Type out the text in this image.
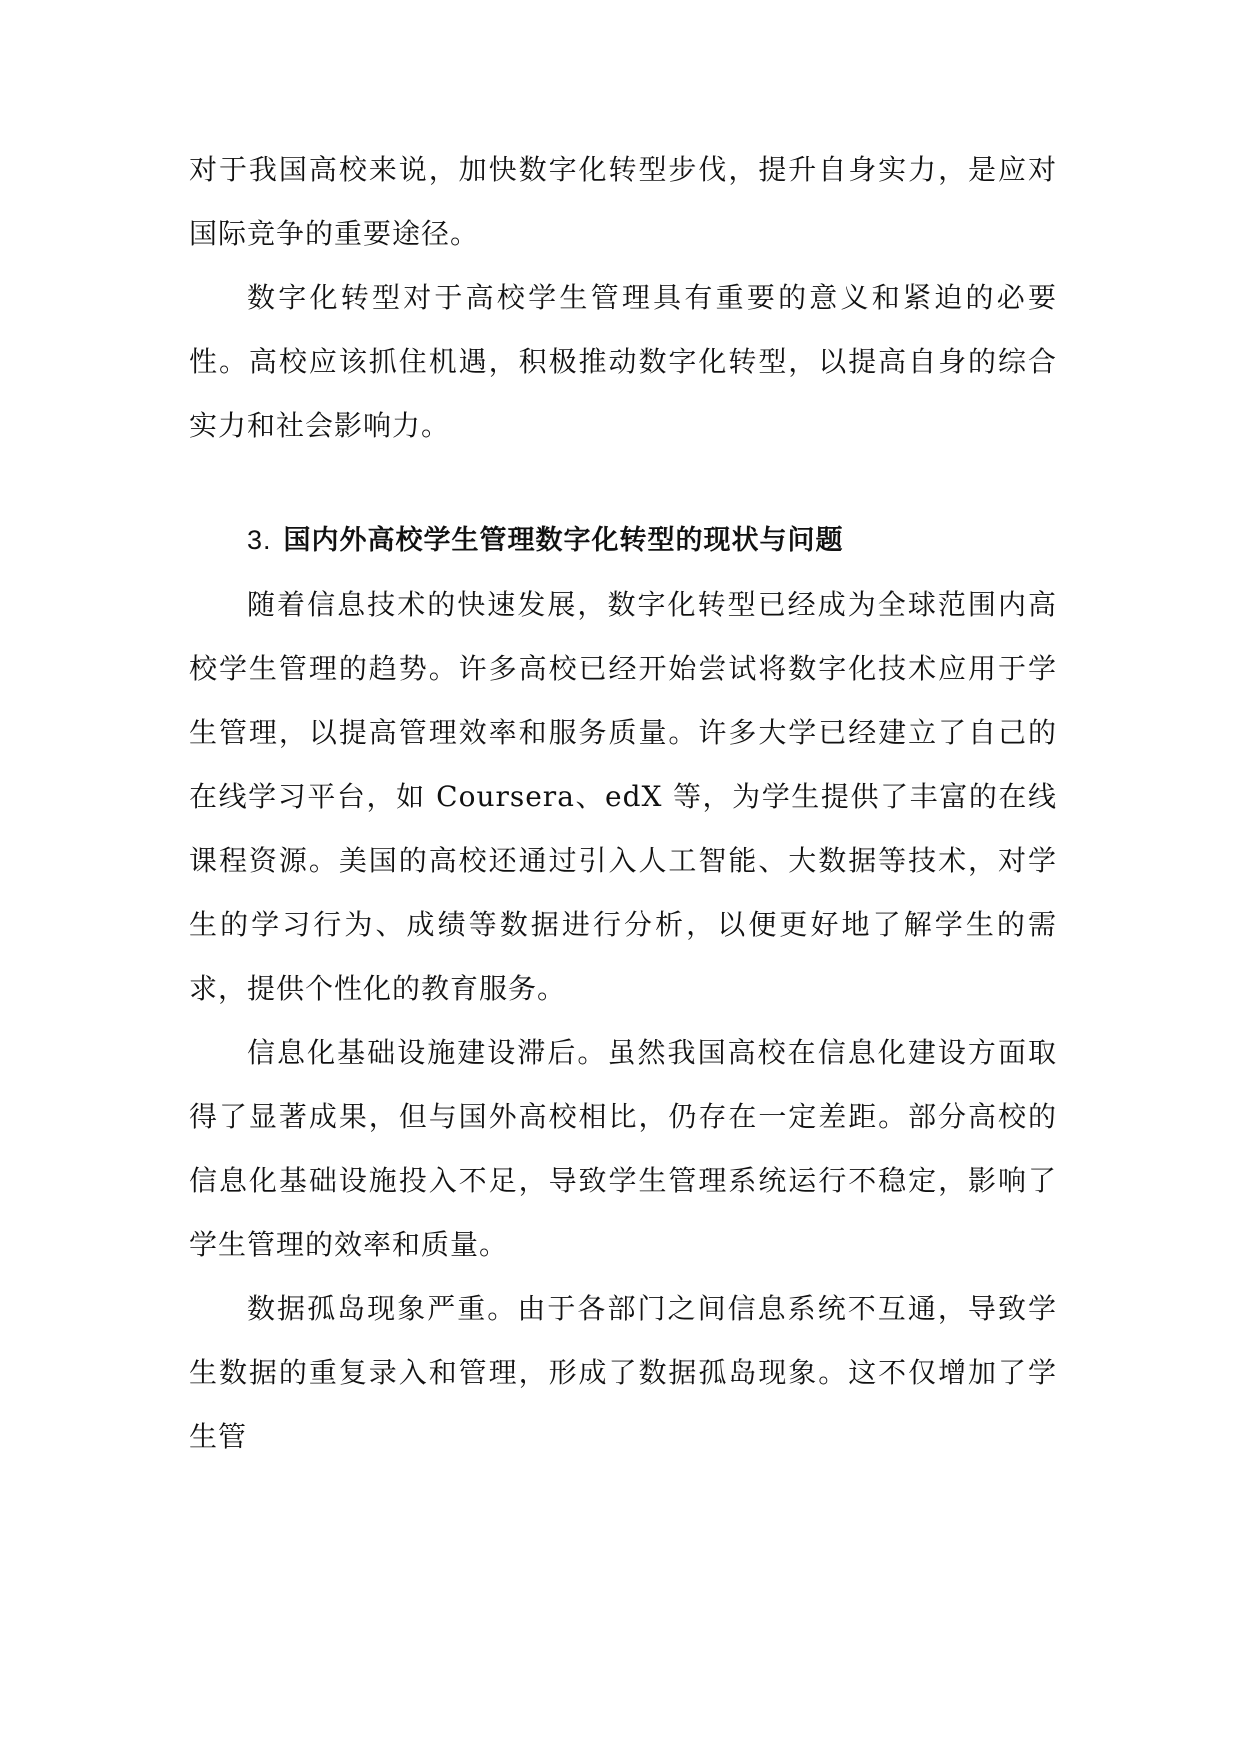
对于我国高校来说，加快数字化转型步伐，提升自身实力，是应对国际竞争的重要途径。

数字化转型对于高校学生管理具有重要的意义和紧迫的必要性。高校应该抓住机遇，积极推动数字化转型，以提高自身的综合实力和社会影响力。

3. 国内外高校学生管理数字化转型的现状与问题

随着信息技术的快速发展，数字化转型已经成为全球范围内高校学生管理的趋势。许多高校已经开始尝试将数字化技术应用于学生管理，以提高管理效率和服务质量。许多大学已经建立了自己的在线学习平台，如 Coursera、edX 等，为学生提供了丰富的在线课程资源。美国的高校还通过引入人工智能、大数据等技术，对学生的学习行为、成绩等数据进行分析，以便更好地了解学生的需求，提供个性化的教育服务。

信息化基础设施建设滞后。虽然我国高校在信息化建设方面取得了显著成果，但与国外高校相比，仍存在一定差距。部分高校的信息化基础设施投入不足，导致学生管理系统运行不稳定，影响了学生管理的效率和质量。

数据孤岛现象严重。由于各部门之间信息系统不互通，导致学生数据的重复录入和管理，形成了数据孤岛现象。这不仅增加了学生管
